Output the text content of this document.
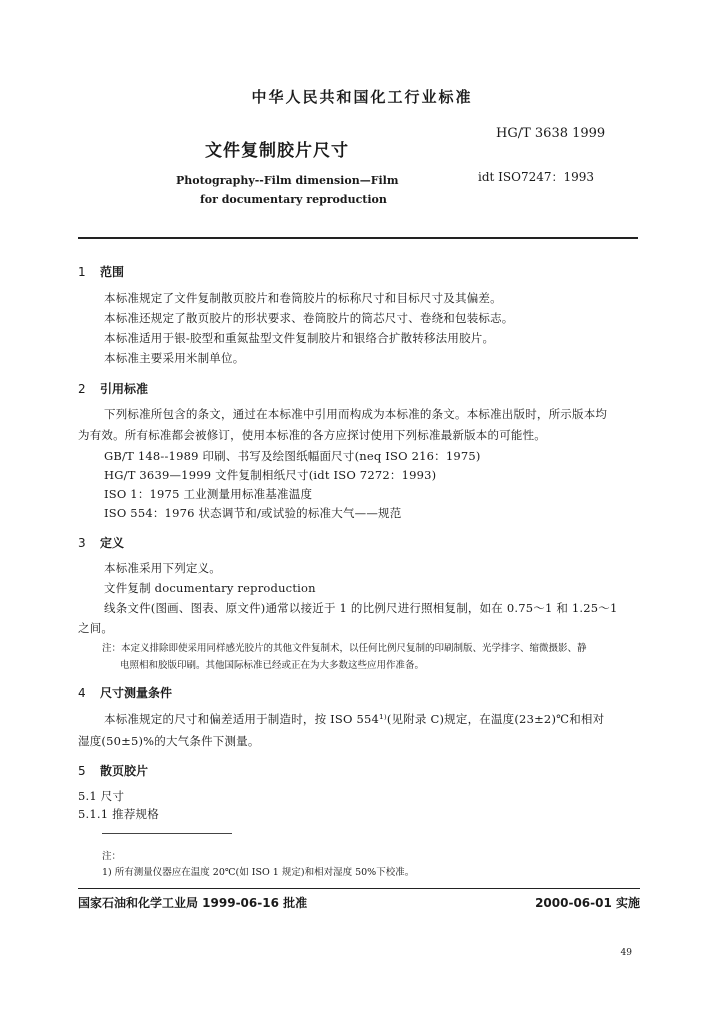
中华人民共和国化工行业标准
文件复制胶片尺寸
HG/T 3638 1999
Photography--Film dimension—Film
for documentary reproduction
idt ISO7247：1993
1 范围
本标准规定了文件复制散页胶片和卷筒胶片的标称尺寸和目标尺寸及其偏差。
本标准还规定了散页胶片的形状要求、卷筒胶片的筒芯尺寸、卷绕和包装标志。
本标准适用于银-胶型和重氮盐型文件复制胶片和银络合扩散转移法用胶片。
本标准主要采用米制单位。
2 引用标准
下列标准所包含的条文，通过在本标准中引用而构成为本标准的条文。本标准出版时，所示版本均
为有效。所有标准都会被修订，使用本标准的各方应探讨使用下列标准最新版本的可能性。
GB/T 148--1989 印刷、书写及绘图纸幅面尺寸(neq ISO 216：1975)
HG/T 3639—1999 文件复制相纸尺寸(idt ISO 7272：1993)
ISO 1：1975 工业测量用标准基准温度
ISO 554：1976 状态调节和/或试验的标准大气——规范
3 定义
本标准采用下列定义。
文件复制 documentary reproduction
线条文件(图画、图表、原文件)通常以接近于 1 的比例尺进行照相复制，如在 0.75～1 和 1.25～1
之间。
注：本定义排除即使采用同样感光胶片的其他文件复制术，以任何比例尺复制的印刷制版、光学排字、缩微摄影、静
电照相和胶版印刷。其他国际标准已经或正在为大多数这些应用作准备。
4 尺寸测量条件
本标准规定的尺寸和偏差适用于制造时，按 ISO 554¹⁾(见附录 C)规定，在温度(23±2)℃和相对
湿度(50±5)%的大气条件下测量。
5 散页胶片
5.1 尺寸
5.1.1 推荐规格
注：
1) 所有测量仪器应在温度 20℃(如 ISO 1 规定)和相对湿度 50%下校准。
国家石油和化学工业局 1999-06-16 批准	2000-06-01 实施
49
